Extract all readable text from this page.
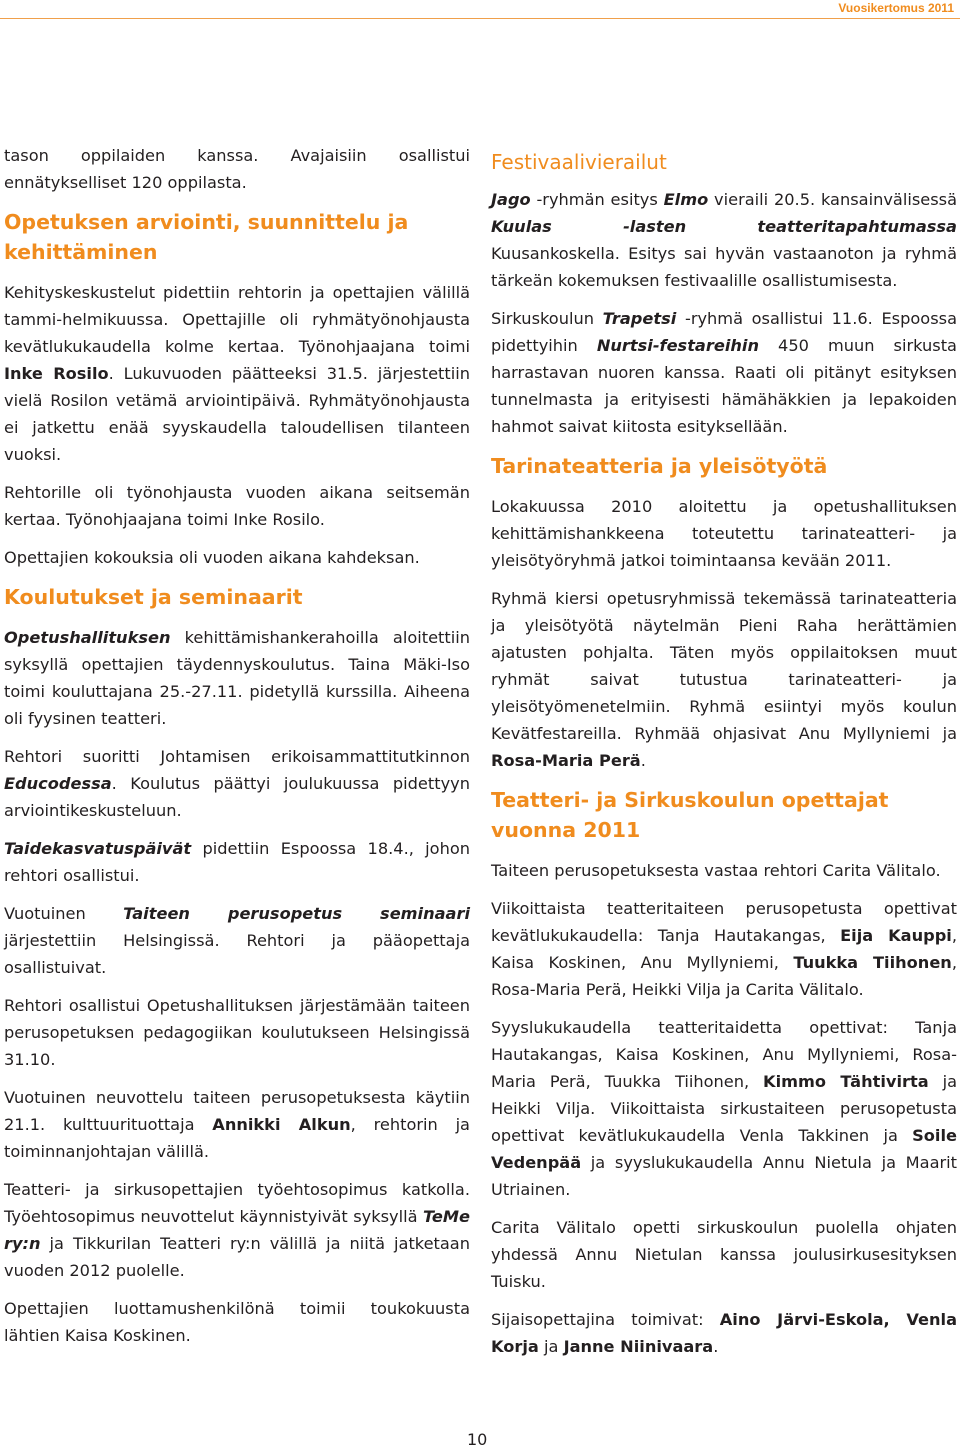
Vuosikertomus 2011

tason oppilaiden kanssa. Avajaisiin osallistui ennätykselliset 120 oppilasta.

Opetuksen arviointi, suunnittelu ja kehittäminen

Kehityskeskustelut pidettiin rehtorin ja opettajien välillä tammi-helmikuussa. Opettajille oli ryhmätyönohjausta kevätlukukaudella kolme kertaa. Työnohjaajana toimi Inke Rosilo. Lukuvuoden päätteeksi 31.5. järjestettiin vielä Rosilon vetämä arviointipäivä. Ryhmätyönohjausta ei jatkettu enää syyskaudella taloudellisen tilanteen vuoksi.

Rehtorille oli työnohjausta vuoden aikana seitsemän kertaa. Työnohjaajana toimi Inke Rosilo.

Opettajien kokouksia oli vuoden aikana kahdeksan.

Koulutukset ja seminaarit

Opetushallituksen kehittämishankerahoilla aloitettiin syksyllä opettajien täydennyskoulutus. Taina Mäki-Iso toimi kouluttajana 25.-27.11. pidetyllä kurssilla. Aiheena oli fyysinen teatteri.

Rehtori suoritti Johtamisen erikoisammattitutkinnon Educodessa. Koulutus päättyi joulukuussa pidettyyn arviointikeskusteluun.

Taidekasvatuspäivät pidettiin Espoossa 18.4., johon rehtori osallistui.

Vuotuinen Taiteen perusopetus seminaari järjestettiin Helsingissä. Rehtori ja pääopettaja osallistuivat.

Rehtori osallistui Opetushallituksen järjestämään taiteen perusopetuksen pedagogiikan koulutukseen Helsingissä 31.10.

Vuotuinen neuvottelu taiteen perusopetuksesta käytiin 21.1. kulttuurituottaja Annikki Alkun, rehtorin ja toiminnanjohtajan välillä.

Teatteri- ja sirkusopettajien työehtosopimus katkolla. Työehtosopimus neuvottelut käynnistyivät syksyllä TeMe ry:n ja Tikkurilan Teatteri ry:n välillä ja niitä jatketaan vuoden 2012 puolelle.

Opettajien luottamushenkilönä toimii toukokuusta lähtien Kaisa Koskinen.

Festivaalivierailut

Jago -ryhmän esitys Elmo vieraili 20.5. kansainvälisessä Kuulas -lasten teatteritapahtumassa Kuusankoskella. Esitys sai hyvän vastaanoton ja ryhmä tärkeän kokemuksen festivaalille osallistumisesta.

Sirkuskoulun Trapetsi -ryhmä osallistui 11.6. Espoossa pidettyihin Nurtsi-festareihin 450 muun sirkusta harrastavan nuoren kanssa. Raati oli pitänyt esityksen tunnelmasta ja erityisesti hämähäkkien ja lepakoiden hahmot saivat kiitosta esityksellään.

Tarinateatteria ja yleisötyötä

Lokakuussa 2010 aloitettu ja opetushallituksen kehittämishankkeena toteutettu tarinateatteri- ja yleisötyöryhmä jatkoi toimintaansa kevään 2011.

Ryhmä kiersi opetusryhmissä tekemässä tarinateatteria ja yleisötyötä näytelmän Pieni Raha herättämien ajatusten pohjalta. Täten myös oppilaitoksen muut ryhmät saivat tutustua tarinateatteri- ja yleisötyömenetelmiin. Ryhmä esiintyi myös koulun Kevätfestareilla. Ryhmää ohjasivat Anu Myllyniemi ja Rosa-Maria Perä.

Teatteri- ja Sirkuskoulun opettajat vuonna 2011

Taiteen perusopetuksesta vastaa rehtori Carita Välitalo.

Viikoittaista teatteritaiteen perusopetusta opettivat kevätlukukaudella: Tanja Hautakangas, Eija Kauppi, Kaisa Koskinen, Anu Myllyniemi, Tuukka Tiihonen, Rosa-Maria Perä, Heikki Vilja ja Carita Välitalo.

Syyslukukaudella teatteritaidetta opettivat: Tanja Hautakangas, Kaisa Koskinen, Anu Myllyniemi, Rosa-Maria Perä, Tuukka Tiihonen, Kimmo Tähtivirta ja Heikki Vilja. Viikoittaista sirkustaiteen perusopetusta opettivat kevätlukukaudella Venla Takkinen ja Soile Vedenpää ja syyslukukaudella Annu Nietula ja Maarit Utriainen.

Carita Välitalo opetti sirkuskoulun puolella ohjaten yhdessä Annu Nietulan kanssa joulusirkusesityksen Tuisku.

Sijaisopettajina toimivat: Aino Järvi-Eskola, Venla Korja ja Janne Niinivaara.

10
